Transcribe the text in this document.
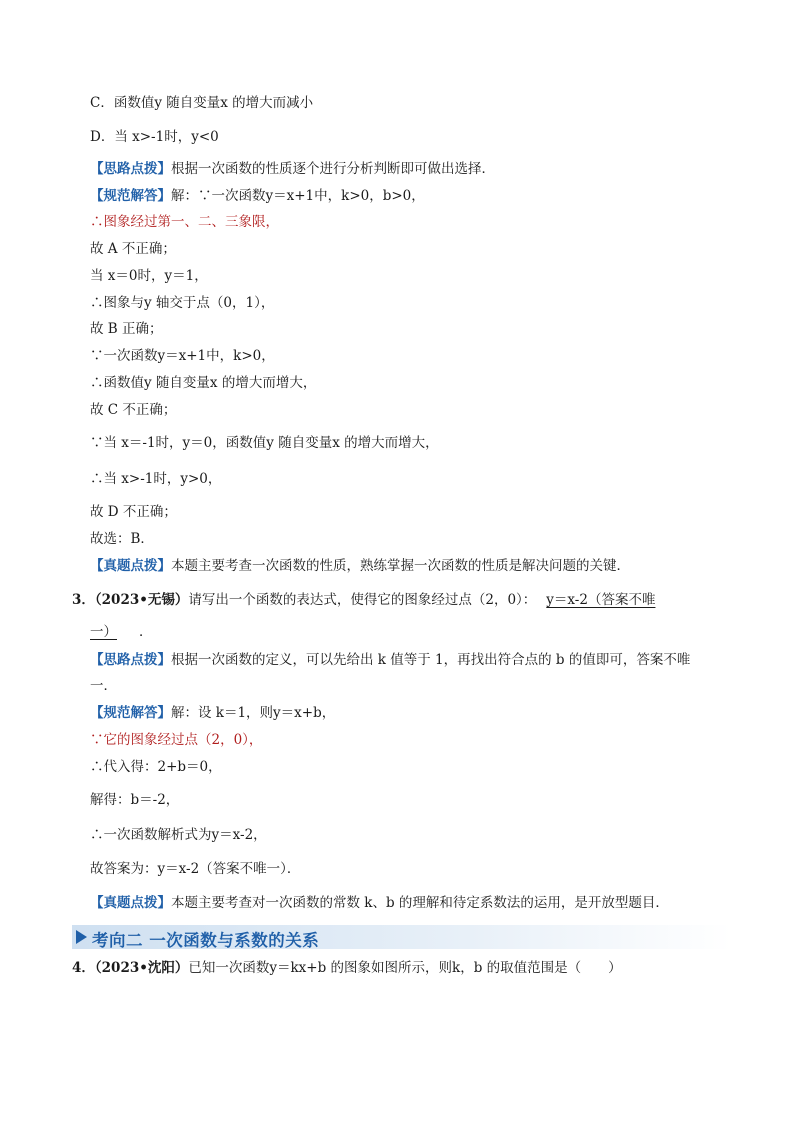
C．函数值y 随自变量x 的增大而减小
D．当 x>-1时，y<0
【思路点拨】根据一次函数的性质逐个进行分析判断即可做出选择．
【规范解答】解：∵一次函数y＝x+1中，k>0，b>0，
∴图象经过第一、二、三象限，
故 A 不正确；
当 x＝0时，y＝1，
∴图象与y 轴交于点（0，1），
故 B 正确；
∵一次函数y＝x+1中，k>0，
∴函数值y 随自变量x 的增大而增大，
故 C 不正确；
∵当 x＝-1时，y＝0，函数值y 随自变量x 的增大而增大，
∴当 x>-1时，y>0，
故 D 不正确；
故选：B．
【真题点拨】本题主要考查一次函数的性质，熟练掌握一次函数的性质是解决问题的关键．
3．（2023•无锡）请写出一个函数的表达式，使得它的图象经过点（2，0）： y＝x-2（答案不唯
一） ．
【思路点拨】根据一次函数的定义，可以先给出 k 值等于 1，再找出符合点的 b 的值即可，答案不唯
一．
【规范解答】解：设 k＝1，则y＝x+b，
∵它的图象经过点（2，0），
∴代入得：2+b＝0，
解得：b＝-2，
∴一次函数解析式为y＝x-2，
故答案为：y＝x-2（答案不唯一）．
【真题点拨】本题主要考查对一次函数的常数 k、b 的理解和待定系数法的运用，是开放型题目．
考向二 一次函数与系数的关系
4．（2023•沈阳）已知一次函数y＝kx+b 的图象如图所示，则k，b 的取值范围是（　　）
